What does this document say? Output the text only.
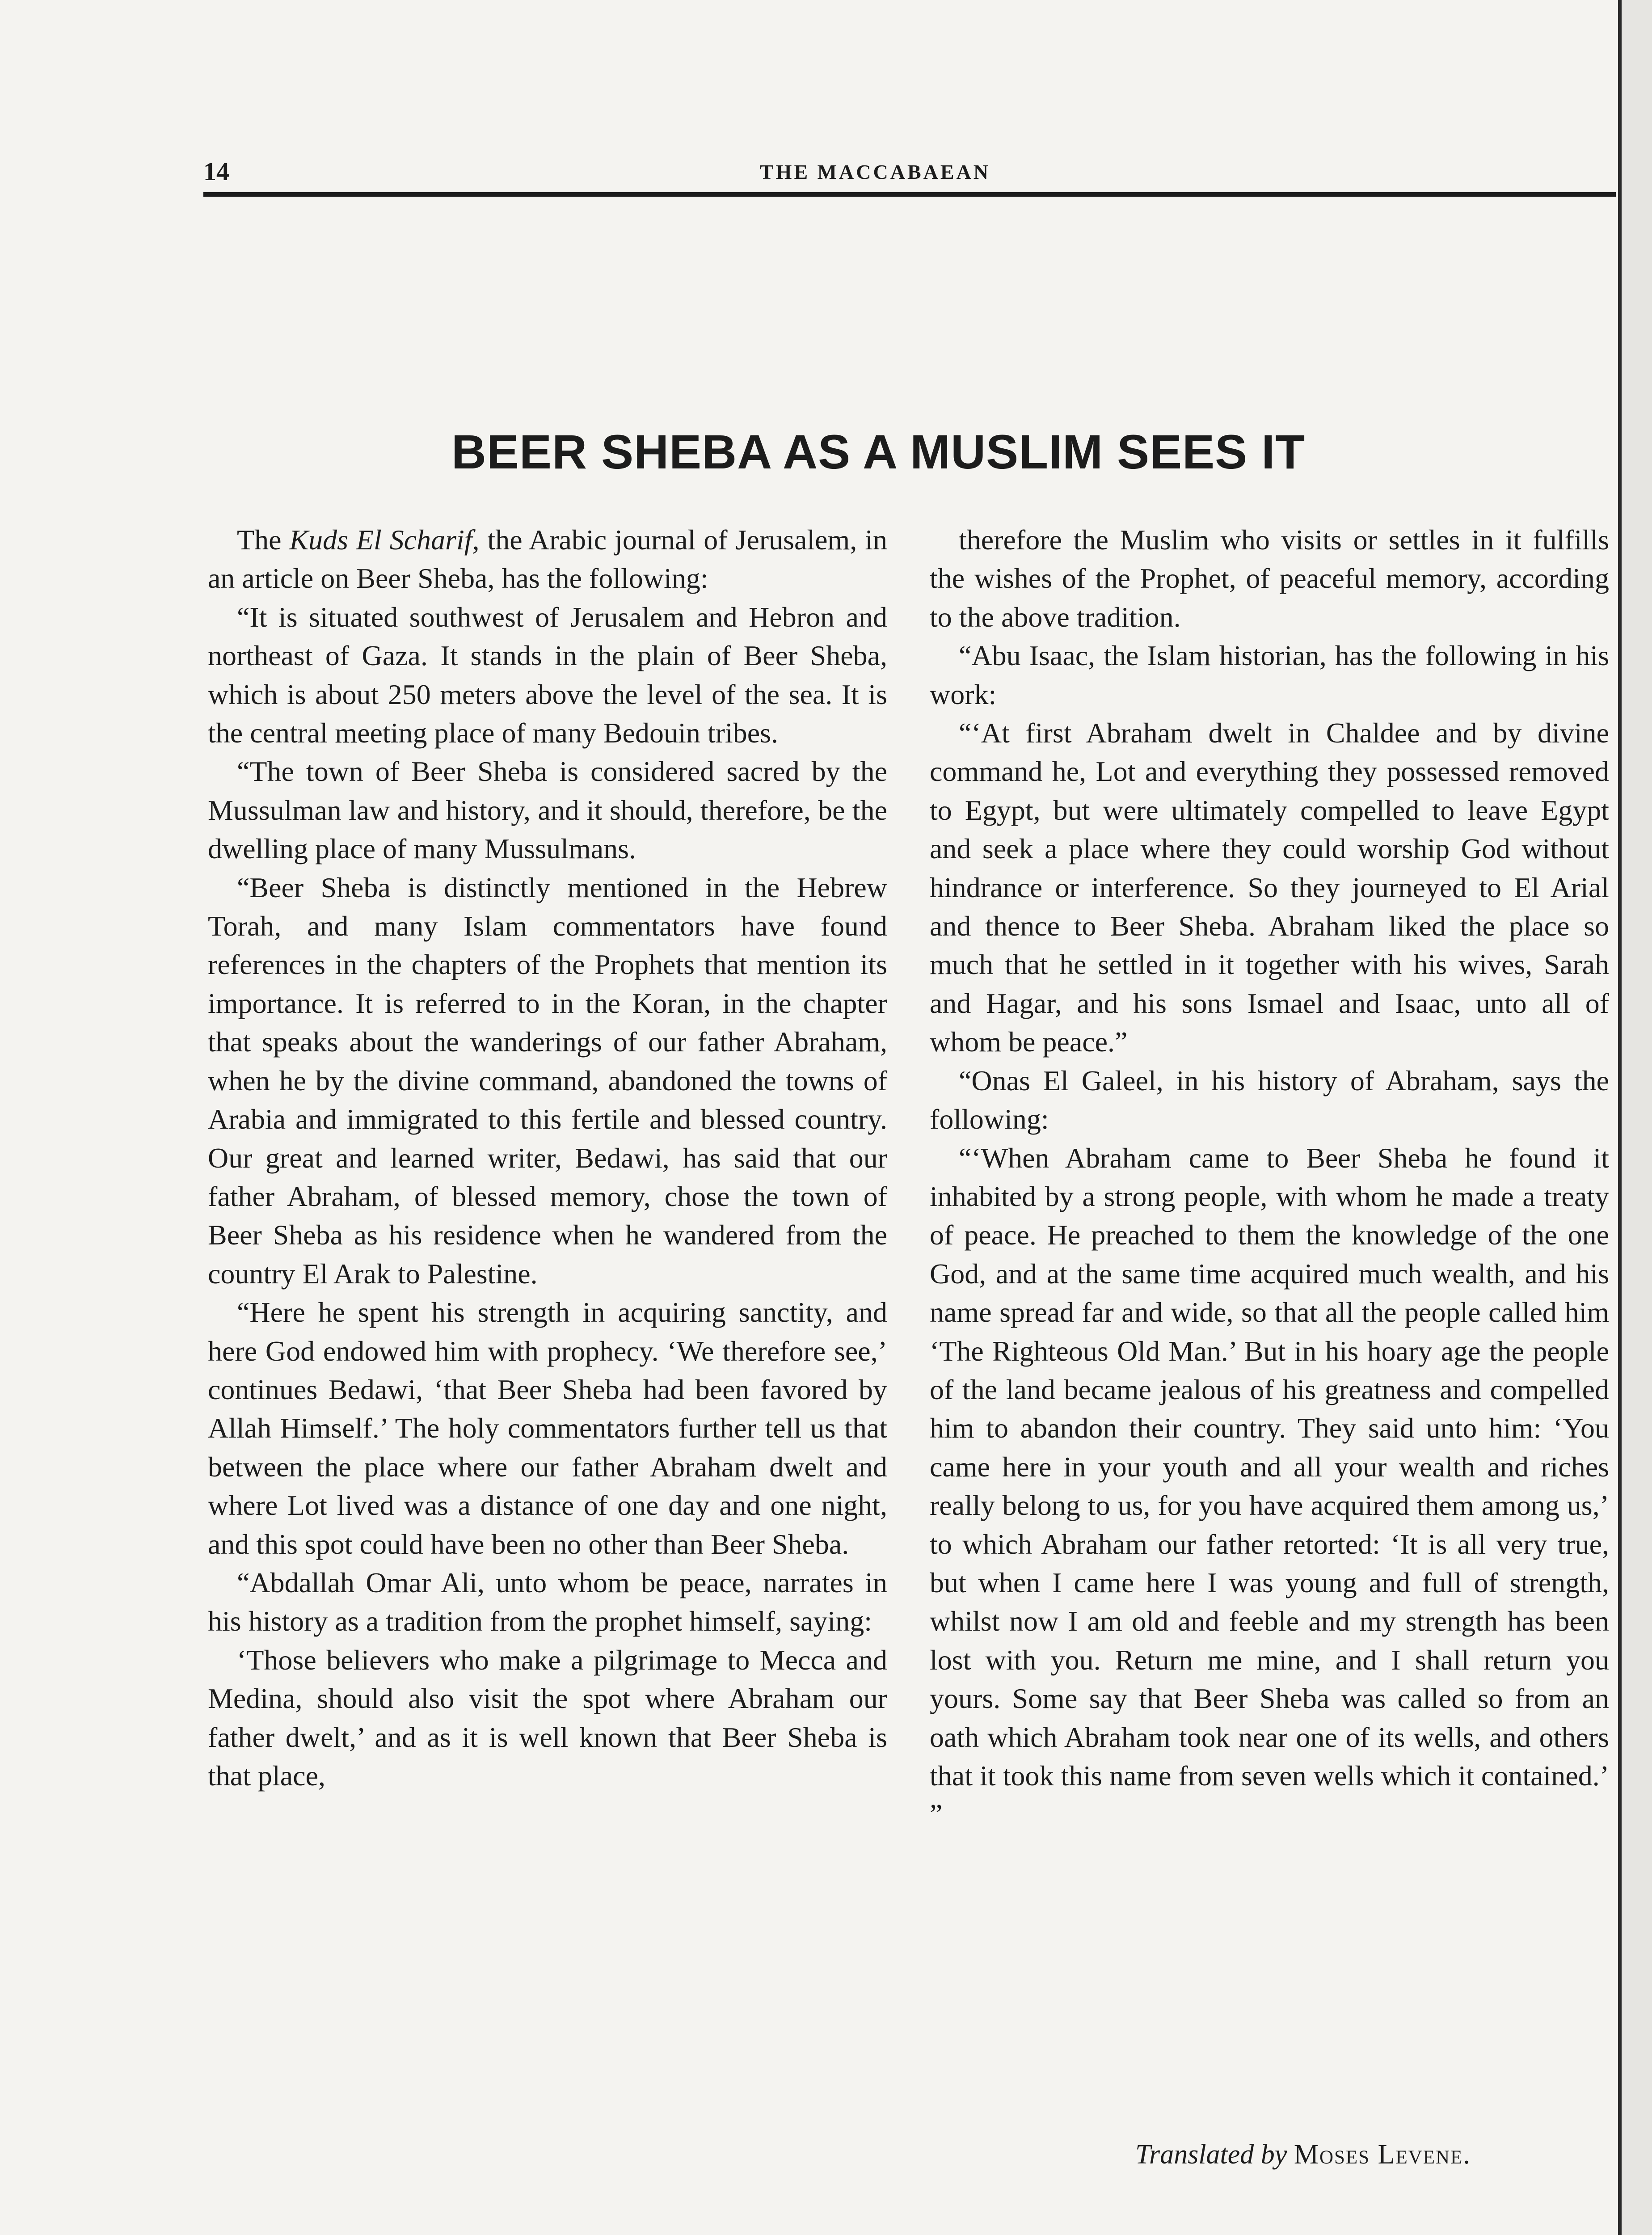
14	THE MACCABAEAN
BEER SHEBA AS A MUSLIM SEES IT

The Kuds El Scharif, the Arabic journal of Jerusalem, in an article on Beer Sheba, has the following:

“It is situated southwest of Jerusalem and Hebron and northeast of Gaza. It stands in the plain of Beer Sheba, which is about 250 meters above the level of the sea. It is the central meeting place of many Bedouin tribes.

“The town of Beer Sheba is considered sacred by the Mussulman law and history, and it should, therefore, be the dwelling place of many Mussulmans.

“Beer Sheba is distinctly mentioned in the Hebrew Torah, and many Islam commentators have found references in the chapters of the Prophets that mention its importance. It is referred to in the Koran, in the chapter that speaks about the wanderings of our father Abraham, when he by the divine command, abandoned the towns of Arabia and immigrated to this fertile and blessed country. Our great and learned writer, Bedawi, has said that our father Abraham, of blessed memory, chose the town of Beer Sheba as his residence when he wandered from the country El Arak to Palestine.

“Here he spent his strength in acquiring sanctity, and here God endowed him with prophecy. ‘We therefore see,’ continues Bedawi, ‘that Beer Sheba had been favored by Allah Himself.’ The holy commentators further tell us that between the place where our father Abraham dwelt and where Lot lived was a distance of one day and one night, and this spot could have been no other than Beer Sheba.

“Abdallah Omar Ali, unto whom be peace, narrates in his history as a tradition from the prophet himself, saying:

‘Those believers who make a pilgrimage to Mecca and Medina, should also visit the spot where Abraham our father dwelt,’ and as it is well known that Beer Sheba is that place,

therefore the Muslim who visits or settles in it fulfills the wishes of the Prophet, of peaceful memory, according to the above tradition.

“Abu Isaac, the Islam historian, has the following in his work:

“‘At first Abraham dwelt in Chaldee and by divine command he, Lot and everything they possessed removed to Egypt, but were ultimately compelled to leave Egypt and seek a place where they could worship God without hindrance or interference. So they journeyed to El Arial and thence to Beer Sheba. Abraham liked the place so much that he settled in it together with his wives, Sarah and Hagar, and his sons Ismael and Isaac, unto all of whom be peace.”

“Onas El Galeel, in his history of Abraham, says the following:

“‘When Abraham came to Beer Sheba he found it inhabited by a strong people, with whom he made a treaty of peace. He preached to them the knowledge of the one God, and at the same time acquired much wealth, and his name spread far and wide, so that all the people called him ‘The Righteous Old Man.’ But in his hoary age the people of the land became jealous of his greatness and compelled him to abandon their country. They said unto him: ‘You came here in your youth and all your wealth and riches really belong to us, for you have acquired them among us,’ to which Abraham our father retorted: ‘It is all very true, but when I came here I was young and full of strength, whilst now I am old and feeble and my strength has been lost with you. Return me mine, and I shall return you yours. Some say that Beer Sheba was called so from an oath which Abraham took near one of its wells, and others that it took this name from seven wells which it contained.’ ”

Translated by Moses Levene.
